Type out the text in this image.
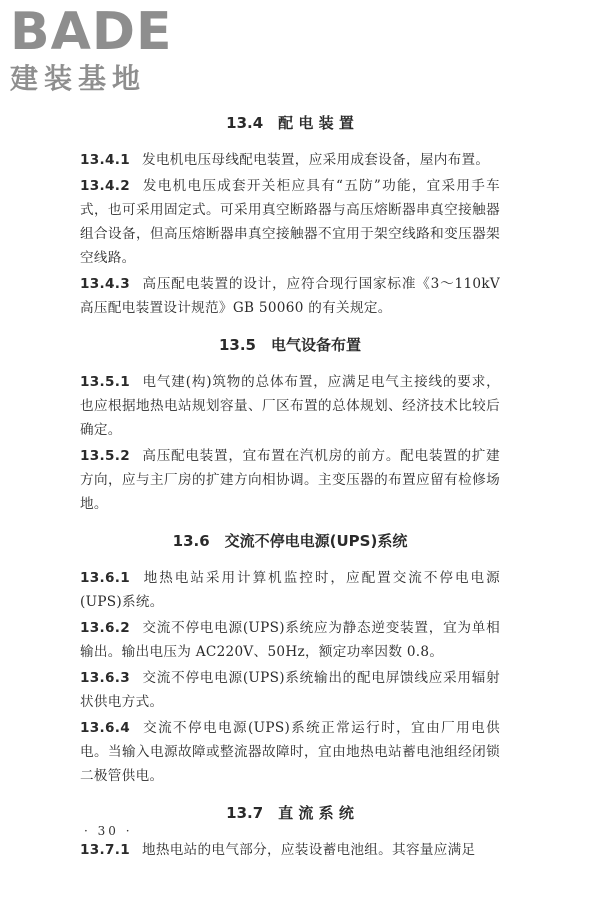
BADE
建装基地
13.4　配 电 装 置

13.4.1 发电机电压母线配电装置，应采用成套设备，屋内布置。

13.4.2 发电机电压成套开关柜应具有“五防”功能，宜采用手车式，也可采用固定式。可采用真空断路器与高压熔断器串真空接触器组合设备，但高压熔断器串真空接触器不宜用于架空线路和变压器架空线路。

13.4.3 高压配电装置的设计，应符合现行国家标准《3～110kV高压配电装置设计规范》GB 50060 的有关规定。

13.5　电气设备布置

13.5.1 电气建(构)筑物的总体布置，应满足电气主接线的要求，也应根据地热电站规划容量、厂区布置的总体规划、经济技术比较后确定。

13.5.2 高压配电装置，宜布置在汽机房的前方。配电装置的扩建方向，应与主厂房的扩建方向相协调。主变压器的布置应留有检修场地。

13.6　交流不停电电源(UPS)系统

13.6.1 地热电站采用计算机监控时，应配置交流不停电电源(UPS)系统。

13.6.2 交流不停电电源(UPS)系统应为静态逆变装置，宜为单相输出。输出电压为 AC220V、50Hz，额定功率因数 0.8。

13.6.3 交流不停电电源(UPS)系统输出的配电屏馈线应采用辐射状供电方式。

13.6.4 交流不停电电源(UPS)系统正常运行时，宜由厂用电供电。当输入电源故障或整流器故障时，宜由地热电站蓄电池组经闭锁二极管供电。

13.7　直 流 系 统

13.7.1 地热电站的电气部分，应装设蓄电池组。其容量应满足

· 30 ·
